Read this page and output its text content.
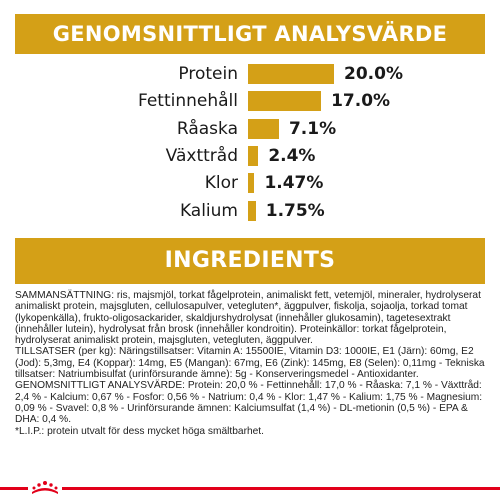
GENOMSNITTLIGT ANALYSVÄRDE
Protein	20.0%
Fettinnehåll	17.0%
Råaska	7.1%
Växttråd 2.4%
Klor 1.47%
Kalium 1.75%
INGREDIENTS

SAMMANSÄTTNING: ris, majsmjöl, torkat fågelprotein, animaliskt fett, vetemjöl, mineraler, hydrolyserat animaliskt protein, majsgluten, cellulosapulver, vetegluten*, äggpulver, fiskolja, sojaolja, torkad tomat (lykopenkälla), frukto-oligosackarider, skaldjurshydrolysat (innehåller glukosamin), tagetesextrakt (innehåller lutein), hydrolysat från brosk (innehåller kondroitin). Proteinkällor: torkat fågelprotein, hydrolyserat animaliskt protein, majsgluten, vetegluten, äggpulver.

TILLSATSER (per kg): Näringstillsatser: Vitamin A: 15500IE, Vitamin D3: 1000IE, E1 (Järn): 60mg, E2 (Jod): 5,3mg, E4 (Koppar): 14mg, E5 (Mangan): 67mg, E6 (Zink): 145mg, E8 (Selen): 0,11mg - Tekniska tillsatser: Natriumbisulfat (urinförsurande ämne): 5g - Konserveringsmedel - Antioxidanter.

GENOMSNITTLIGT ANALYSVÄRDE: Protein: 20,0 % - Fettinnehåll: 17,0 % - Råaska: 7,1 % - Växttråd: 2,4 % - Kalcium: 0,67 % - Fosfor: 0,56 % - Natrium: 0,4 % - Klor: 1,47 % - Kalium: 1,75 % - Magnesium: 0,09 % - Svavel: 0,8 % - Urinförsurande ämnen: Kalciumsulfat (1,4 %) - DL-metionin (0,5 %) - EPA & DHA: 0,4 %.

*L.I.P.: protein utvalt för dess mycket höga smältbarhet.
